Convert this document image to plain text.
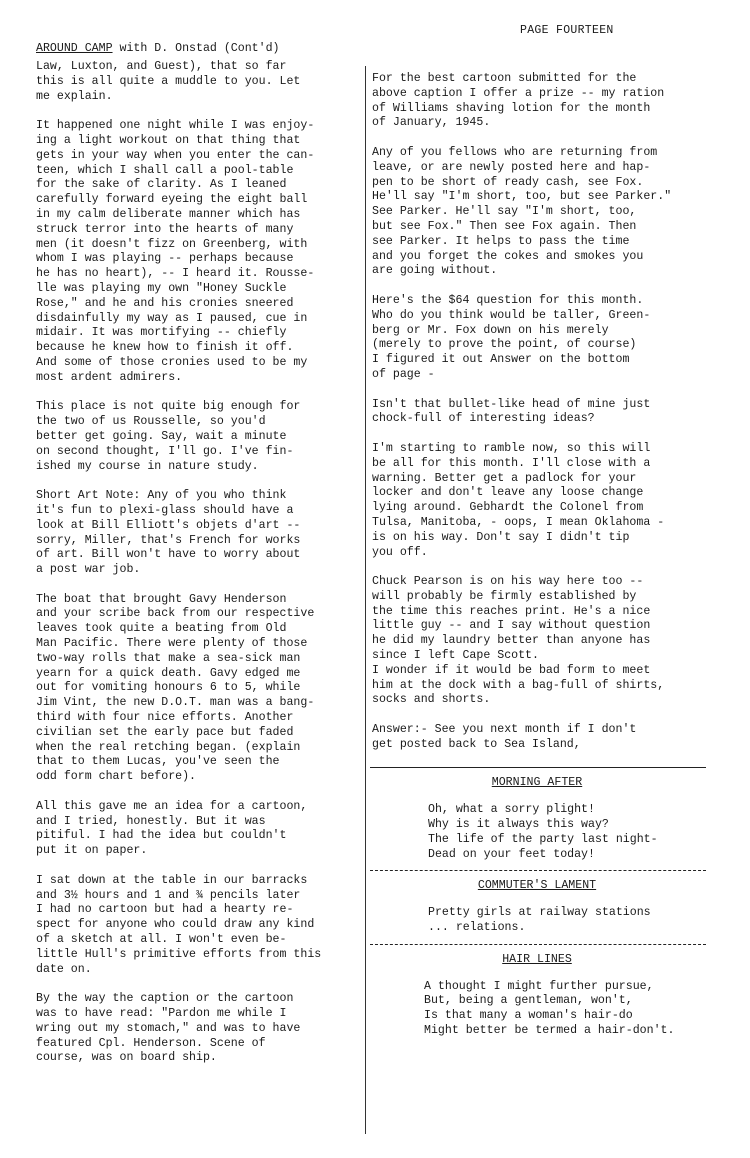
PAGE FOURTEEN
AROUND CAMP with D. Onstad (Cont'd)

Law, Luxton, and Guest), that so far
this is all quite a muddle to you. Let
me explain.

It happened one night while I was enjoy-
ing a light workout on that thing that
gets in your way when you enter the can-
teen, which I shall call a pool-table
for the sake of clarity. As I leaned
carefully forward eyeing the eight ball
in my calm deliberate manner which has
struck terror into the hearts of many
men (it doesn't fizz on Greenberg, with
whom I was playing -- perhaps because
he has no heart), -- I heard it. Rousse-
lle was playing my own "Honey Suckle
Rose," and he and his cronies sneered
disdainfully my way as I paused, cue in
midair. It was mortifying -- chiefly
because he knew how to finish it off.
And some of those cronies used to be my
most ardent admirers.

This place is not quite big enough for
the two of us Rousselle, so you'd
better get going. Say, wait a minute
on second thought, I'll go. I've fin-
ished my course in nature study.

Short Art Note: Any of you who think
it's fun to plexi-glass should have a
look at Bill Elliott's objets d'art --
sorry, Miller, that's French for works
of art. Bill won't have to worry about
a post war job.

The boat that brought Gavy Henderson
and your scribe back from our respective
leaves took quite a beating from Old
Man Pacific. There were plenty of those
two-way rolls that make a sea-sick man
yearn for a quick death. Gavy edged me
out for vomiting honours 6 to 5, while
Jim Vint, the new D.O.T. man was a bang-
third with four nice efforts. Another
civilian set the early pace but faded
when the real retching began. (explain
that to them Lucas, you've seen the
odd form chart before).

All this gave me an idea for a cartoon,
and I tried, honestly. But it was
pitiful. I had the idea but couldn't
put it on paper.

I sat down at the table in our barracks
and 3½ hours and 1 and ¾ pencils later
I had no cartoon but had a hearty re-
spect for anyone who could draw any kind
of a sketch at all. I won't even be-
little Hull's primitive efforts from this
date on.

By the way the caption or the cartoon
was to have read: "Pardon me while I
wring out my stomach," and was to have
featured Cpl. Henderson. Scene of
course, was on board ship.

For the best cartoon submitted for the
above caption I offer a prize -- my ration
of Williams shaving lotion for the month
of January, 1945.

Any of you fellows who are returning from
leave, or are newly posted here and hap-
pen to be short of ready cash, see Fox.
He'll say "I'm short, too, but see Parker."
See Parker. He'll say "I'm short, too,
but see Fox." Then see Fox again. Then
see Parker. It helps to pass the time
and you forget the cokes and smokes you
are going without.

Here's the $64 question for this month.
Who do you think would be taller, Green-
berg or Mr. Fox down on his merely
(merely to prove the point, of course)
I figured it out Answer on the bottom
of page -

Isn't that bullet-like head of mine just
chock-full of interesting ideas?

I'm starting to ramble now, so this will
be all for this month. I'll close with a
warning. Better get a padlock for your
locker and don't leave any loose change
lying around. Gebhardt the Colonel from
Tulsa, Manitoba, - oops, I mean Oklahoma -
is on his way. Don't say I didn't tip
you off.

Chuck Pearson is on his way here too --
will probably be firmly established by
the time this reaches print. He's a nice
little guy -- and I say without question
he did my laundry better than anyone has
since I left Cape Scott.
I wonder if it would be bad form to meet
him at the dock with a bag-full of shirts,
socks and shorts.

Answer:- See you next month if I don't
get posted back to Sea Island,

MORNING AFTER
Oh, what a sorry plight!
Why is it always this way?
The life of the party last night-
Dead on your feet today!
COMMUTER'S LAMENT
Pretty girls at railway stations
... relations.
HAIR LINES
A thought I might further pursue,
But, being a gentleman, won't,
Is that many a woman's hair-do
Might better be termed a hair-don't.
